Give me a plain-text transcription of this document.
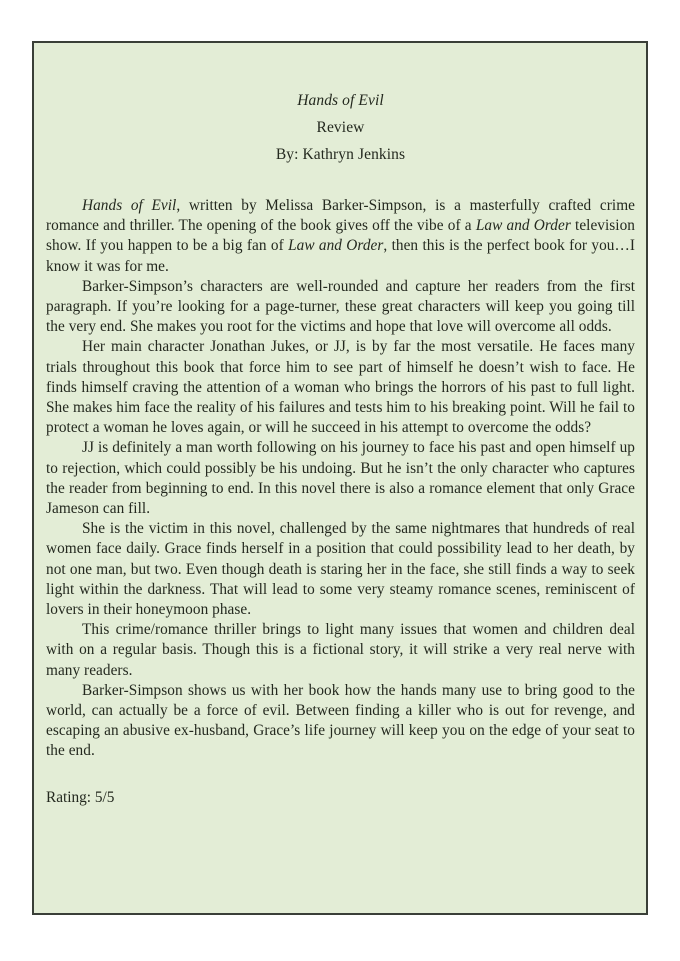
Hands of Evil
Review
By: Kathryn Jenkins

Hands of Evil, written by Melissa Barker-Simpson, is a masterfully crafted crime romance and thriller. The opening of the book gives off the vibe of a Law and Order television show. If you happen to be a big fan of Law and Order, then this is the perfect book for you…I know it was for me.

Barker-Simpson’s characters are well-rounded and capture her readers from the first paragraph. If you’re looking for a page-turner, these great characters will keep you going till the very end. She makes you root for the victims and hope that love will overcome all odds.

Her main character Jonathan Jukes, or JJ, is by far the most versatile. He faces many trials throughout this book that force him to see part of himself he doesn’t wish to face. He finds himself craving the attention of a woman who brings the horrors of his past to full light. She makes him face the reality of his failures and tests him to his breaking point. Will he fail to protect a woman he loves again, or will he succeed in his attempt to overcome the odds?

JJ is definitely a man worth following on his journey to face his past and open himself up to rejection, which could possibly be his undoing. But he isn’t the only character who captures the reader from beginning to end. In this novel there is also a romance element that only Grace Jameson can fill.

She is the victim in this novel, challenged by the same nightmares that hundreds of real women face daily. Grace finds herself in a position that could possibility lead to her death, by not one man, but two. Even though death is staring her in the face, she still finds a way to seek light within the darkness. That will lead to some very steamy romance scenes, reminiscent of lovers in their honeymoon phase.

This crime/romance thriller brings to light many issues that women and children deal with on a regular basis. Though this is a fictional story, it will strike a very real nerve with many readers.

Barker-Simpson shows us with her book how the hands many use to bring good to the world, can actually be a force of evil. Between finding a killer who is out for revenge, and escaping an abusive ex-husband, Grace’s life journey will keep you on the edge of your seat to the end.

Rating: 5/5
